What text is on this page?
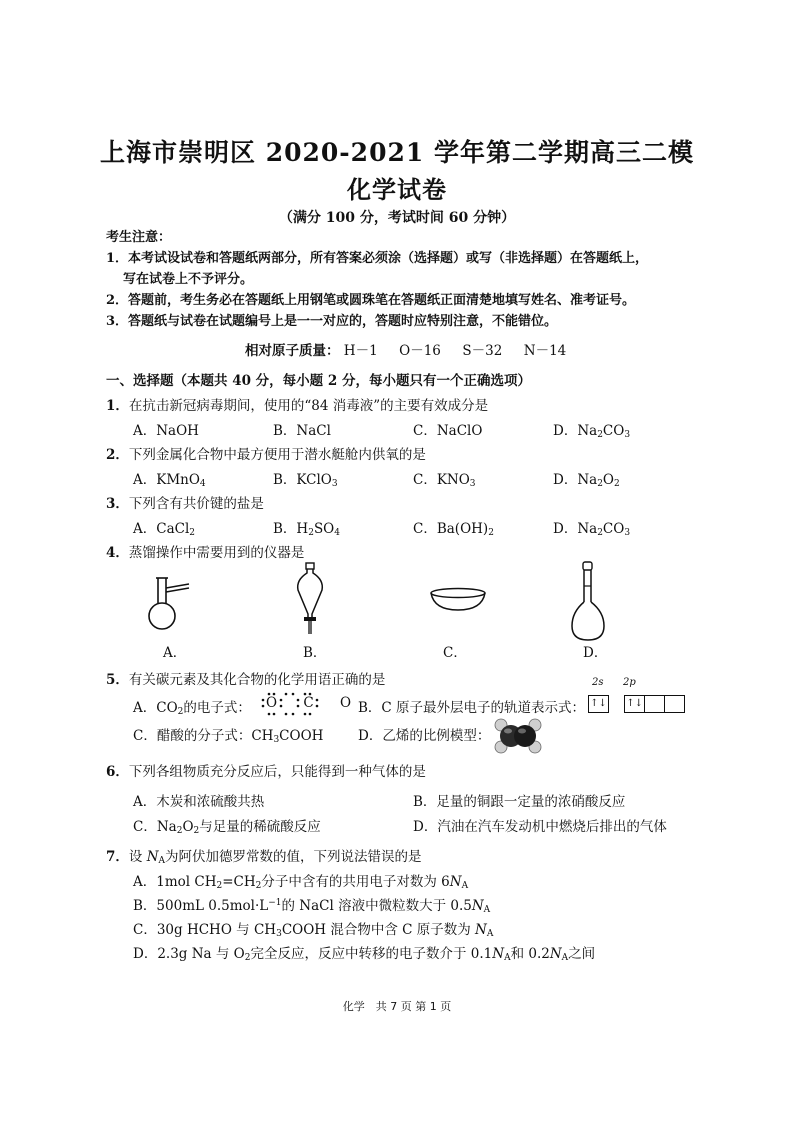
上海市崇明区 2020-2021 学年第二学期高三二模
化学试卷
（满分 100 分，考试时间 60 分钟）
考生注意：
1．本考试设试卷和答题纸两部分，所有答案必须涂（选择题）或写（非选择题）在答题纸上，
写在试卷上不予评分。
2．答题前，考生务必在答题纸上用钢笔或圆珠笔在答题纸正面清楚地填写姓名、准考证号。
3．答题纸与试卷在试题编号上是一一对应的，答题时应特别注意，不能错位。
相对原子质量： H－1 O－16 S－32 N－14
一、选择题（本题共 40 分，每小题 2 分，每小题只有一个正确选项）
1．在抗击新冠病毒期间，使用的“84 消毒液”的主要有效成分是
A．NaOH	B．NaCl	C．NaClO	D．$Na_2CO_3$
2．下列金属化合物中最方便用于潜水艇舱内供氧的是
A．KMnO$_4$	B．KClO$_3$	C．$KNO_3$	D．$Na_2O_2$
3．下列含有共价键的盐是
A．CaCl$_2$	B．$H_2SO_4$	C．$Ba(OH)_2$	D．$Na_2CO_3$
4．蒸馏操作中需要用到的仪器是
A．	B．	C．	D．
5．有关碳元素及其化合物的化学用语正确的是
A．$CO_2$的电子式： O C O
B．C 原子最外层电子的轨道表示式：
2s 2p
↑↓ ↑↓
C．醋酸的分子式：$CH_3COOH$	D．乙烯的比例模型：
6．下列各组物质充分反应后，只能得到一种气体的是
A．木炭和浓硫酸共热	B．足量的铜跟一定量的浓硝酸反应
C．$Na_2O_2$与足量的稀硫酸反应	D．汽油在汽车发动机中燃烧后排出的气体
7．设 $N_A$为阿伏加德罗常数的值，下列说法错误的是
A．1mol $CH_2=CH_2$分子中含有的共用电子对数为 $6N_A$
B．500mL $0.5mol\cdot L^{-1}$的 NaCl 溶液中微粒数大于 $0.5N_A$
C．30g HCHO 与 $CH_3COOH$ 混合物中含 C 原子数为 $N_A$
D．2.3g Na 与 $O_2$完全反应，反应中转移的电子数介于 $0.1N_A$和 $0.2N_A$之间
化学　共 7 页 第 1 页
